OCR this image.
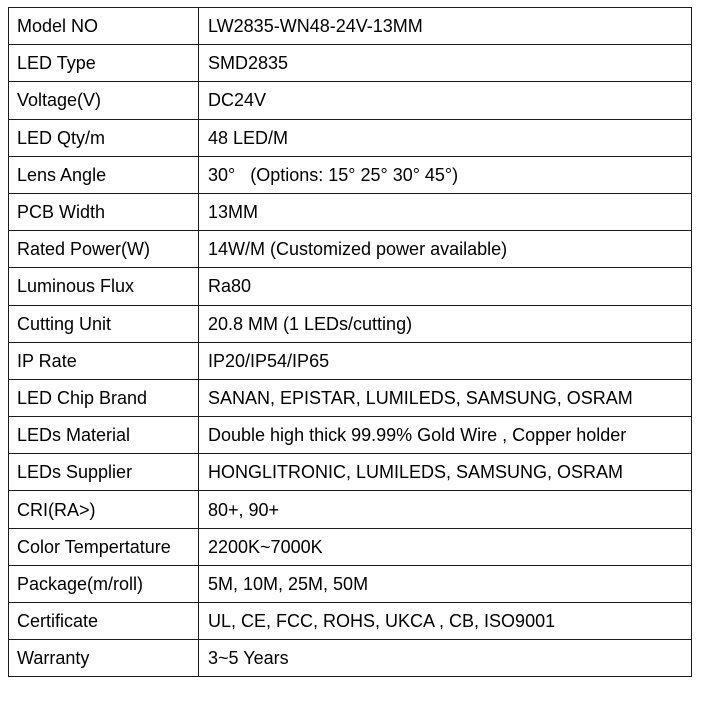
Model NO	LW2835-WN48-24V-13MM
LED Type	SMD2835
Voltage(V)	DC24V
LED Qty/m	48 LED/M
Lens Angle	30°   (Options: 15° 25° 30° 45°)
PCB Width	13MM
Rated Power(W)	14W/M (Customized power available)
Luminous Flux	Ra80
Cutting Unit	20.8 MM (1 LEDs/cutting)
IP Rate	IP20/IP54/IP65
LED Chip Brand	SANAN, EPISTAR, LUMILEDS, SAMSUNG, OSRAM
LEDs Material	Double high thick 99.99% Gold Wire , Copper holder
LEDs Supplier	HONGLITRONIC, LUMILEDS, SAMSUNG, OSRAM
CRI(RA>)	80+, 90+
Color Tempertature	2200K~7000K
Package(m/roll)	5M, 10M, 25M, 50M
Certificate	UL, CE, FCC, ROHS, UKCA , CB, ISO9001
Warranty	3~5 Years
